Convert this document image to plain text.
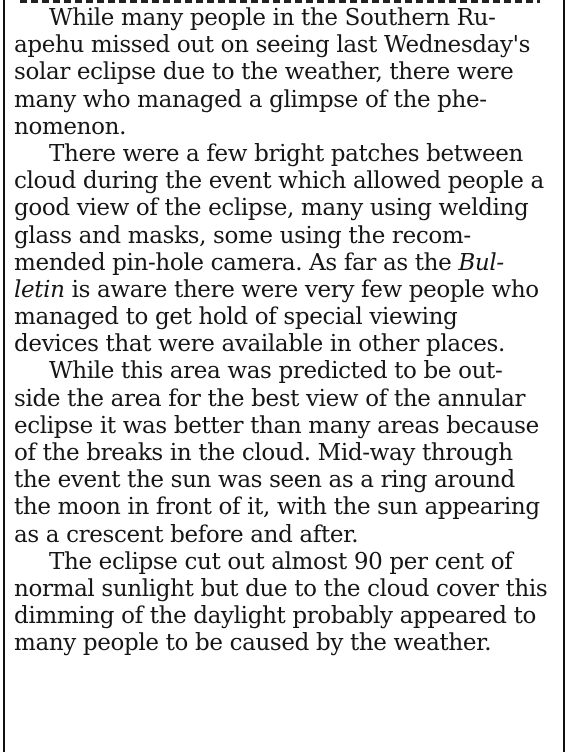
While many people in the Southern Ru-
apehu missed out on seeing last Wednesday's
solar eclipse due to the weather, there were
many who managed a glimpse of the phe-
nomenon.
There were a few bright patches between
cloud during the event which allowed people a
good view of the eclipse, many using welding
glass and masks, some using the recom-
mended pin-hole camera. As far as the Bul-
letin is aware there were very few people who
managed to get hold of special viewing
devices that were available in other places.
While this area was predicted to be out-
side the area for the best view of the annular
eclipse it was better than many areas because
of the breaks in the cloud. Mid-way through
the event the sun was seen as a ring around
the moon in front of it, with the sun appearing
as a crescent before and after.
The eclipse cut out almost 90 per cent of
normal sunlight but due to the cloud cover this
dimming of the daylight probably appeared to
many people to be caused by the weather.
